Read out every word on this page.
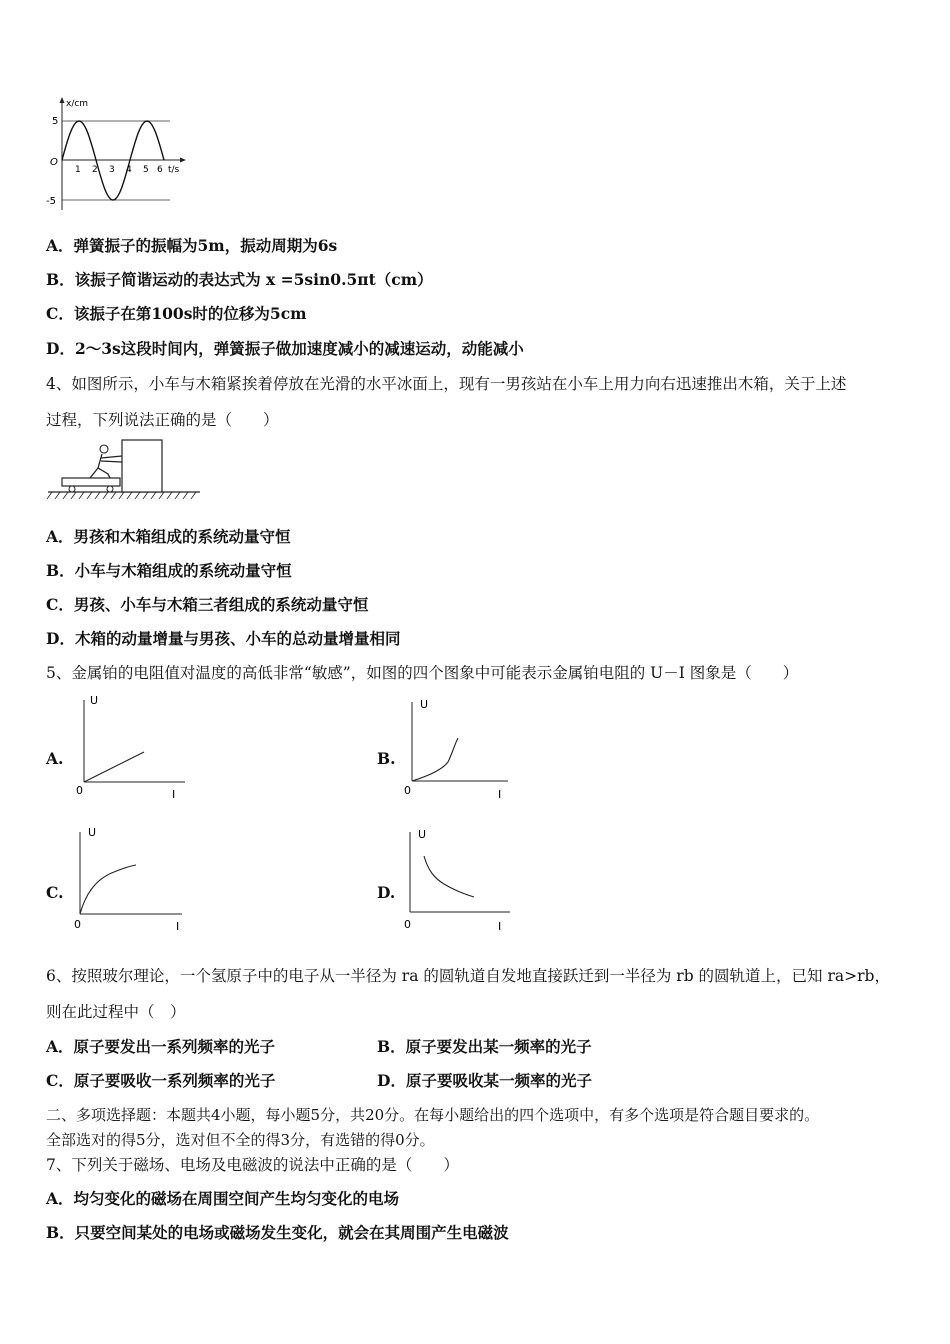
x/cm
t/s
O
5
-5
1 2 3 4 5 6
A．弹簧振子的振幅为5m，振动周期为6s
B．该振子简谐运动的表达式为 x =5sin0.5πt（cm）
C．该振子在第100s时的位移为5cm
D．2～3s这段时间内，弹簧振子做加速度减小的减速运动，动能减小
4、如图所示，小车与木箱紧挨着停放在光滑的水平冰面上，现有一男孩站在小车上用力向右迅速推出木箱，关于上述
过程，下列说法正确的是（　　）
A．男孩和木箱组成的系统动量守恒
B．小车与木箱组成的系统动量守恒
C．男孩、小车与木箱三者组成的系统动量守恒
D．木箱的动量增量与男孩、小车的总动量增量相同
5、金属铂的电阻值对温度的高低非常“敏感”，如图的四个图象中可能表示金属铂电阻的 U－I 图象是（　　）
A.
U
I
0
B.
U
I
0
C.
U
I
0
D.
U
I
0
6、按照玻尔理论，一个氢原子中的电子从一半径为 ra 的圆轨道自发地直接跃迁到一半径为 rb 的圆轨道上，已知 ra>rb，
则在此过程中（　）
A．原子要发出一系列频率的光子	B．原子要发出某一频率的光子
C．原子要吸收一系列频率的光子	D．原子要吸收某一频率的光子
二、多项选择题：本题共4小题，每小题5分，共20分。在每小题给出的四个选项中，有多个选项是符合题目要求的。
全部选对的得5分，选对但不全的得3分，有选错的得0分。
7、下列关于磁场、电场及电磁波的说法中正确的是（　　）
A．均匀变化的磁场在周围空间产生均匀变化的电场
B．只要空间某处的电场或磁场发生变化，就会在其周围产生电磁波
